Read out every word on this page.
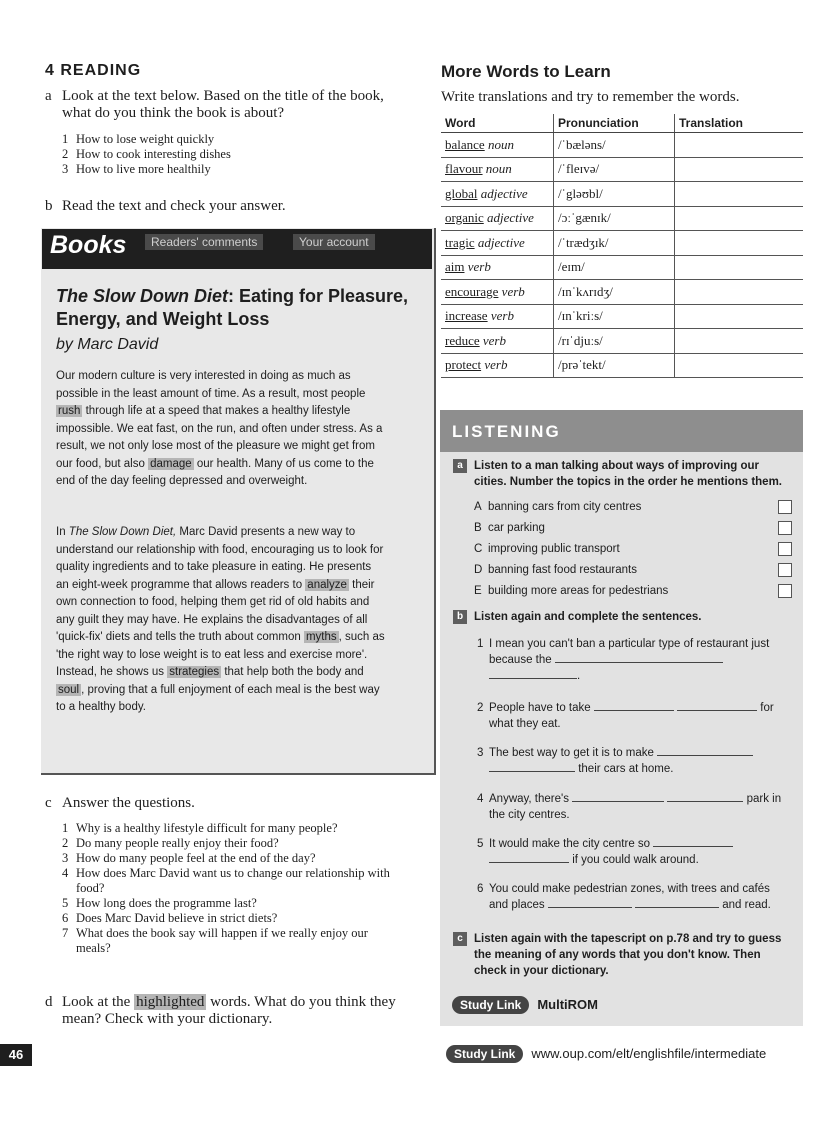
4 READING
a Look at the text below. Based on the title of the book, what do you think the book is about?
1 How to lose weight quickly
2 How to cook interesting dishes
3 How to live more healthily
b Read the text and check your answer.
Books	Readers' comments	Your account
The Slow Down Diet: Eating for Pleasure, Energy, and Weight Loss
by Marc David
Our modern culture is very interested in doing as much as possible in the least amount of time. As a result, most people rush through life at a speed that makes a healthy lifestyle impossible. We eat fast, on the run, and often under stress. As a result, we not only lose most of the pleasure we might get from our food, but also damage our health. Many of us come to the end of the day feeling depressed and overweight.
In The Slow Down Diet, Marc David presents a new way to understand our relationship with food, encouraging us to look for quality ingredients and to take pleasure in eating. He presents an eight-week programme that allows readers to analyze their own connection to food, helping them get rid of old habits and any guilt they may have. He explains the disadvantages of all 'quick-fix' diets and tells the truth about common myths , such as 'the right way to lose weight is to eat less and exercise more'. Instead, he shows us strategies that help both the body and soul , proving that a full enjoyment of each meal is the best way to a healthy body.
c Answer the questions.
1 Why is a healthy lifestyle difficult for many people?
2 Do many people really enjoy their food?
3 How do many people feel at the end of the day?
4 How does Marc David want us to change our relationship with food?
5 How long does the programme last?
6 Does Marc David believe in strict diets?
7 What does the book say will happen if we really enjoy our meals?
d Look at the highlighted words. What do you think they mean? Check with your dictionary.
More Words to Learn
Write translations and try to remember the words.
Word	Pronunciation	Translation
balance noun	/ˈbæləns/	
flavour noun	/ˈfleɪvə/	
global adjective	/ˈgləʊbl/	
organic adjective	/ɔːˈgænɪk/	
tragic adjective	/ˈtrædʒɪk/	
aim verb	/eɪm/	
encourage verb	/ɪnˈkʌrɪdʒ/	
increase verb	/ɪnˈkriːs/	
reduce verb	/rɪˈdjuːs/	
protect verb	/prəˈtekt/	
LISTENING
a Listen to a man talking about ways of improving our cities. Number the topics in the order he mentions them.
A banning cars from city centres
B car parking
C improving public transport
D banning fast food restaurants
E building more areas for pedestrians
b Listen again and complete the sentences.
1 I mean you can't ban a particular type of restaurant just
because the
.
2 People have to take	for
what they eat.
3 The best way to get it is to make
their cars at home.
4 Anyway, there's	park in
the city centres.
5 It would make the city centre so
if you could walk around.
6 You could make pedestrian zones, with trees and cafés
and places	and read.
c Listen again with the tapescript on p.78 and try to guess the meaning of any words that you don't know. Then check in your dictionary.
Study Link MultiROM
46	Study Link www.oup.com/elt/englishfile/intermediate
